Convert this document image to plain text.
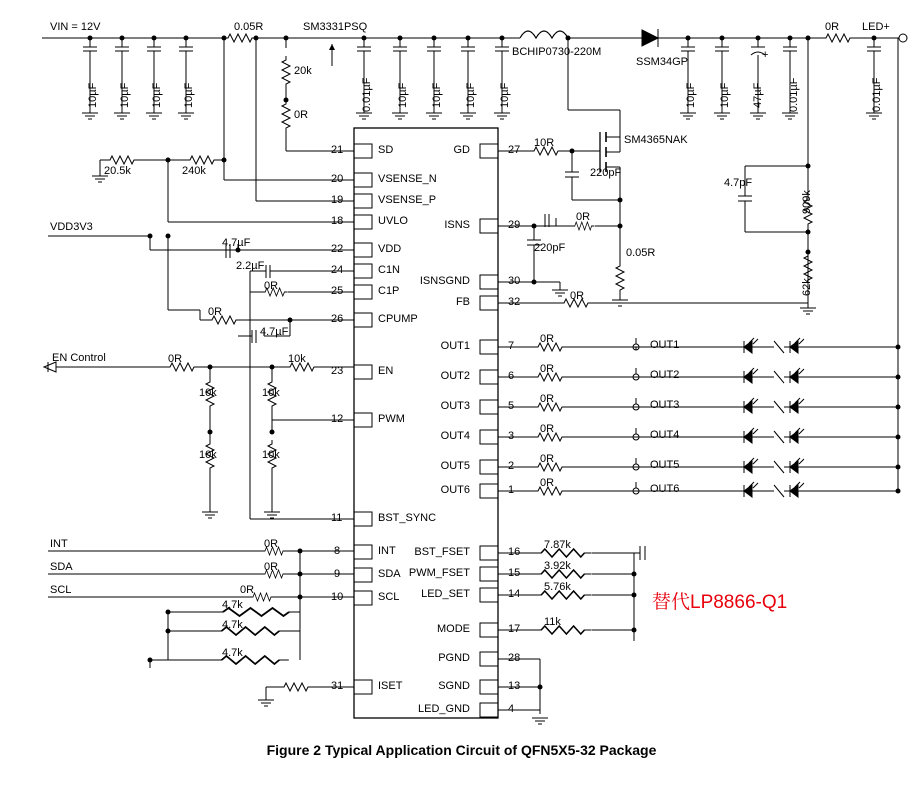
VIN = 12V	0.05R	SM3331PSQ
BCHIP0730-220M
SSM34GP
SM4365NAK
0R LED+
10µF 10µF 10µF 10µF	0.01µF 10µF 10µF 10µF 10µF	10µF 10µF 47µF 0.01µF	0.01µF
+
20k
0R
20.5k	240k
VDD3V3
4.7µF
2.2µF
0R
0R
4.7µF
EN Control	0R	10k
10k	10k
10k	10k
INT
SDA
SCL
0R
0R
0R
4.7k
4.7k
4.7k
10R
220pF
0R
220pF	0.05R
0R
4.7pF
909k
62k
0R
0R
0R
0R
0R
0R
OUT1
OUT2
OUT3
OUT4
OUT5
OUT6
7.87k
3.92k
5.76k
11k
替代LP8866-Q1
21	SD
20	VSENSE_N
19	VSENSE_P
18	UVLO
22	VDD
24	C1N
25	C1P
26	CPUMP
23	EN
12	PWM
11	BST_SYNC
8	INT
9	SDA
10	SCL
31	ISET
27
GD
29
ISNS
30
ISNSGND
32
FB
7
OUT1
6
OUT2
5
OUT3
3
OUT4
2
OUT5
1
OUT6
16
BST_FSET
15
PWM_FSET
14
LED_SET
17
MODE
28
PGND
13
SGND
4
LED_GND
Figure 2 Typical Application Circuit of QFN5X5-32 Package
